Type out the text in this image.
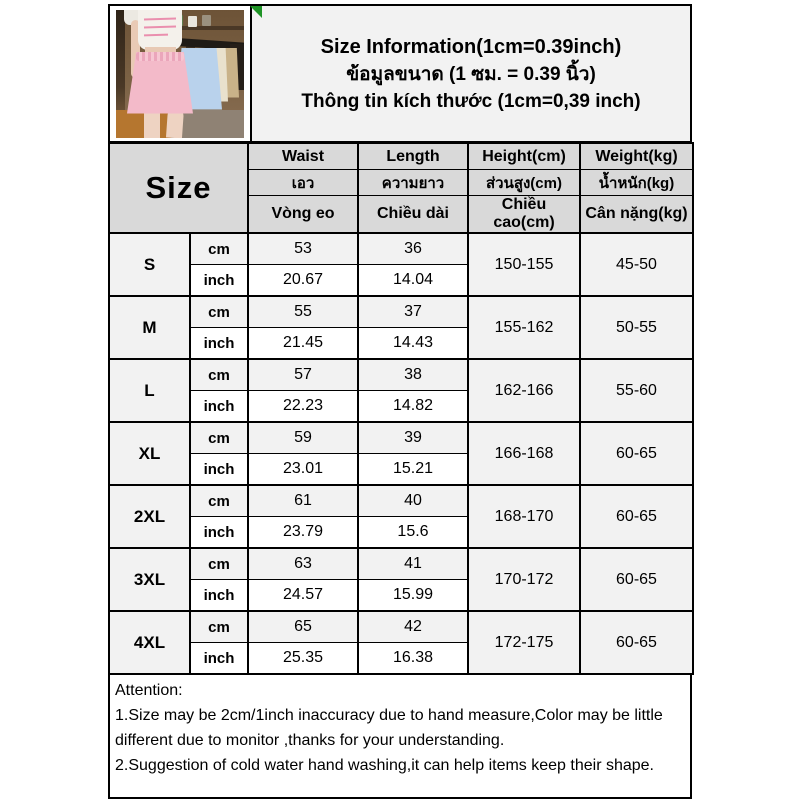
Size Information(1cm=0.39inch)
ข้อมูลขนาด (1 ซม. = 0.39 นิ้ว)
Thông tin kích thước (1cm=0,39 inch)
Size		Waist	Length	Height(cm)	Weight(kg)
		เอว	ความยาว	ส่วนสูง(cm)	น้ำหนัก(kg)
		Vòng eo	Chiều dài	Chiều cao(cm)	Cân nặng(kg)
S	cm	53	36	150-155	45-50
	inch	20.67	14.04		
M	cm	55	37	155-162	50-55
	inch	21.45	14.43		
L	cm	57	38	162-166	55-60
	inch	22.23	14.82		
XL	cm	59	39	166-168	60-65
	inch	23.01	15.21		
2XL	cm	61	40	168-170	60-65
	inch	23.79	15.6		
3XL	cm	63	41	170-172	60-65
	inch	24.57	15.99		
4XL	cm	65	42	172-175	60-65
	inch	25.35	16.38		
Attention:
1.Size may be 2cm/1inch inaccuracy due to hand measure,Color may be little different due to monitor ,thanks for your understanding.
2.Suggestion of cold water hand washing,it can help items keep their shape.
